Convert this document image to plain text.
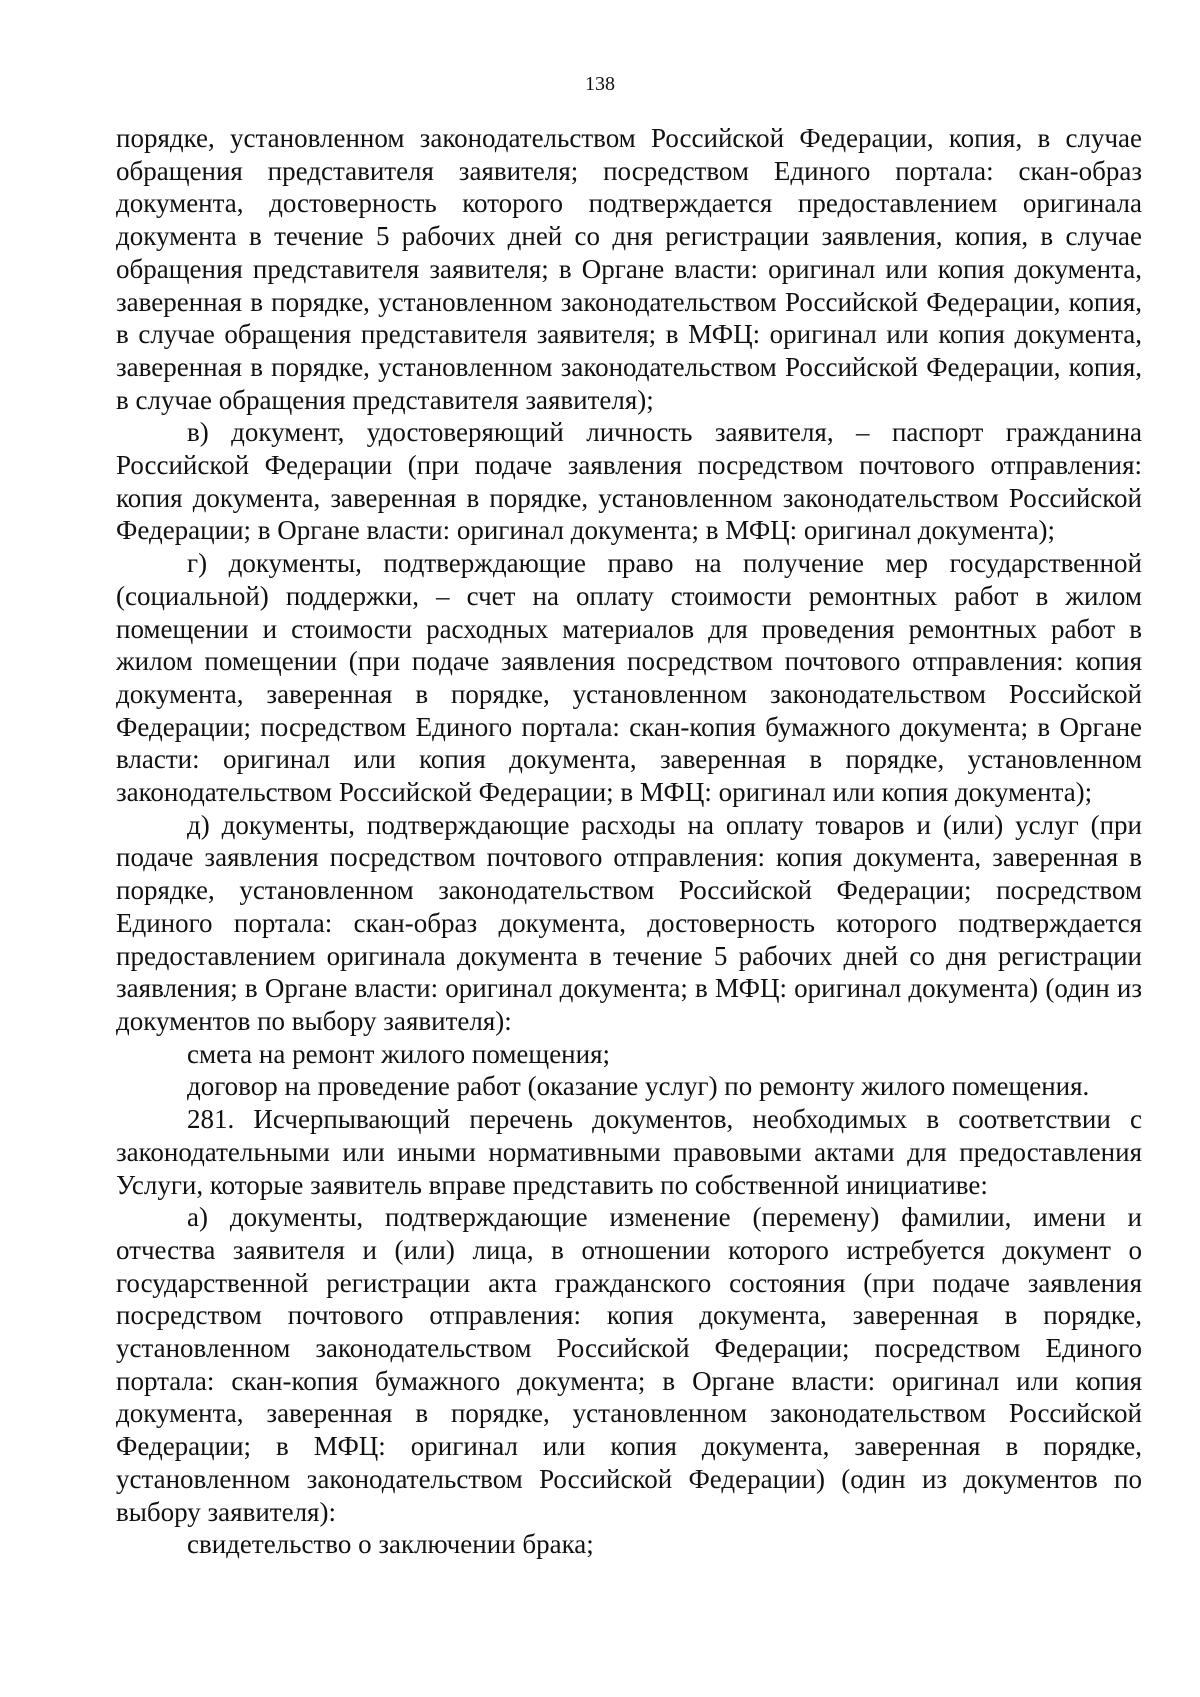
138

порядке, установленном законодательством Российской Федерации, копия, в случае обращения представителя заявителя; посредством Единого портала: скан-образ документа, достоверность которого подтверждается предоставлением оригинала документа в течение 5 рабочих дней со дня регистрации заявления, копия, в случае обращения представителя заявителя; в Органе власти: оригинал или копия документа, заверенная в порядке, установленном законодательством Российской Федерации, копия, в случае обращения представителя заявителя; в МФЦ: оригинал или копия документа, заверенная в порядке, установленном законодательством Российской Федерации, копия, в случае обращения представителя заявителя);

в) документ, удостоверяющий личность заявителя, – паспорт гражданина Российской Федерации (при подаче заявления посредством почтового отправления: копия документа, заверенная в порядке, установленном законодательством Российской Федерации; в Органе власти: оригинал документа; в МФЦ: оригинал документа);

г) документы, подтверждающие право на получение мер государственной (социальной) поддержки, – счет на оплату стоимости ремонтных работ в жилом помещении и стоимости расходных материалов для проведения ремонтных работ в жилом помещении (при подаче заявления посредством почтового отправления: копия документа, заверенная в порядке, установленном законодательством Российской Федерации; посредством Единого портала: скан-копия бумажного документа; в Органе власти: оригинал или копия документа, заверенная в порядке, установленном законодательством Российской Федерации; в МФЦ: оригинал или копия документа);

д) документы, подтверждающие расходы на оплату товаров и (или) услуг (при подаче заявления посредством почтового отправления: копия документа, заверенная в порядке, установленном законодательством Российской Федерации; посредством Единого портала: скан-образ документа, достоверность которого подтверждается предоставлением оригинала документа в течение 5 рабочих дней со дня регистрации заявления; в Органе власти: оригинал документа; в МФЦ: оригинал документа) (один из документов по выбору заявителя):

смета на ремонт жилого помещения;

договор на проведение работ (оказание услуг) по ремонту жилого помещения.

281. Исчерпывающий перечень документов, необходимых в соответствии с законодательными или иными нормативными правовыми актами для предоставления Услуги, которые заявитель вправе представить по собственной инициативе:

а) документы, подтверждающие изменение (перемену) фамилии, имени и отчества заявителя и (или) лица, в отношении которого истребуется документ о государственной регистрации акта гражданского состояния (при подаче заявления посредством почтового отправления: копия документа, заверенная в порядке, установленном законодательством Российской Федерации; посредством Единого портала: скан-копия бумажного документа; в Органе власти: оригинал или копия документа, заверенная в порядке, установленном законодательством Российской Федерации; в МФЦ: оригинал или копия документа, заверенная в порядке, установленном законодательством Российской Федерации) (один из документов по выбору заявителя):

свидетельство о заключении брака;
